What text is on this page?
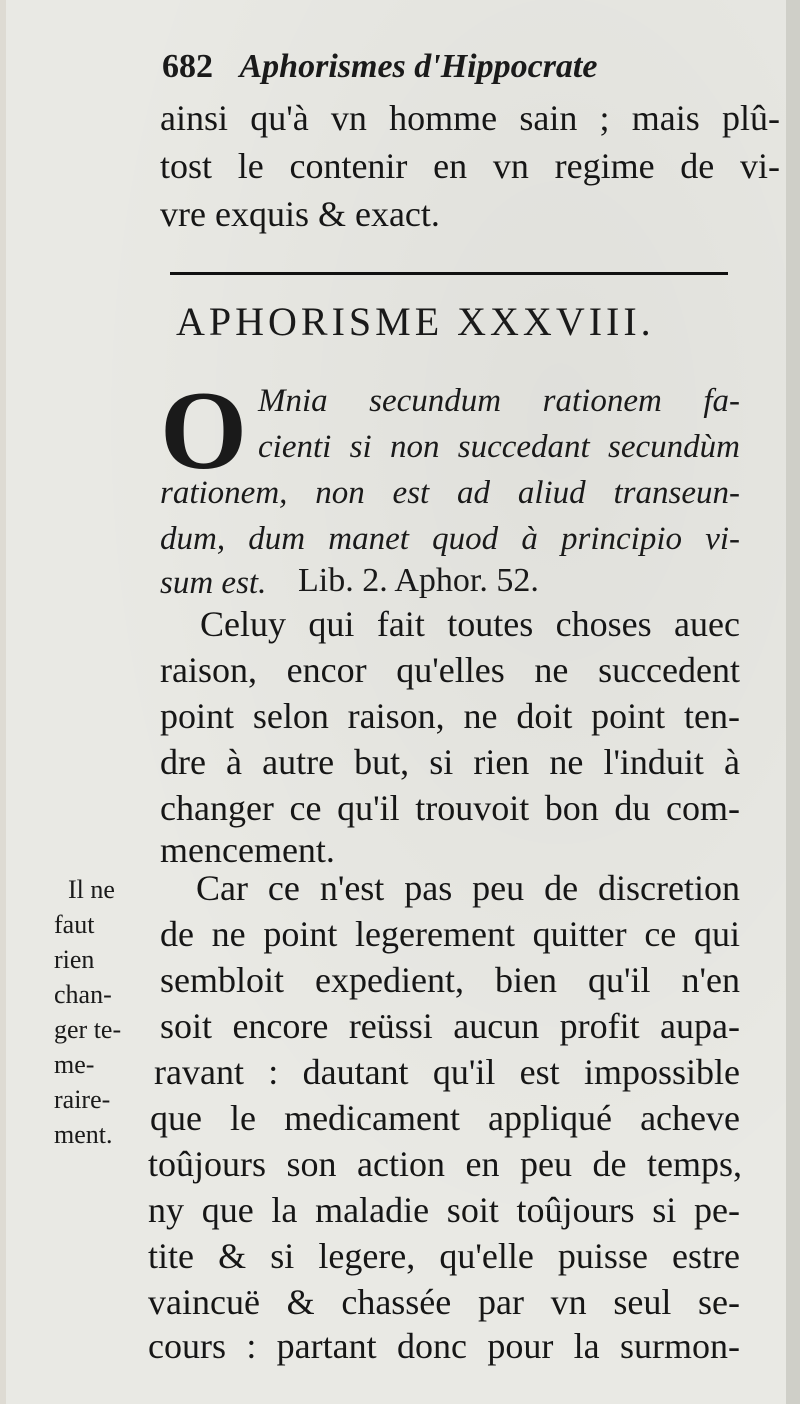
682 Aphorismes d'Hippocrate
ainsi qu'à vn homme sain ; mais plû-
tost le contenir en vn regime de vi-
vre exquis & exact.
APHORISME XXXVIII.
O Mnia secundum rationem fa-
cienti si non succedant secundùm
rationem, non est ad aliud transeun-
dum, dum manet quod à principio vi-
sum est. Lib. 2. Aphor. 52.
Celuy qui fait toutes choses auec
raison, encor qu'elles ne succedent
point selon raison, ne doit point ten-
dre à autre but, si rien ne l'induit à
changer ce qu'il trouvoit bon du com-
mencement.
Il ne
faut
rien
chan-
ger te-
me-
raire-
ment.
Car ce n'est pas peu de discretion
de ne point legerement quitter ce qui
sembloit expedient, bien qu'il n'en
soit encore reüssi aucun profit aupa-
ravant : dautant qu'il est impossible
que le medicament appliqué acheve
toûjours son action en peu de temps,
ny que la maladie soit toûjours si pe-
tite & si legere, qu'elle puisse estre
vaincuë & chassée par vn seul se-
cours : partant donc pour la surmon-
